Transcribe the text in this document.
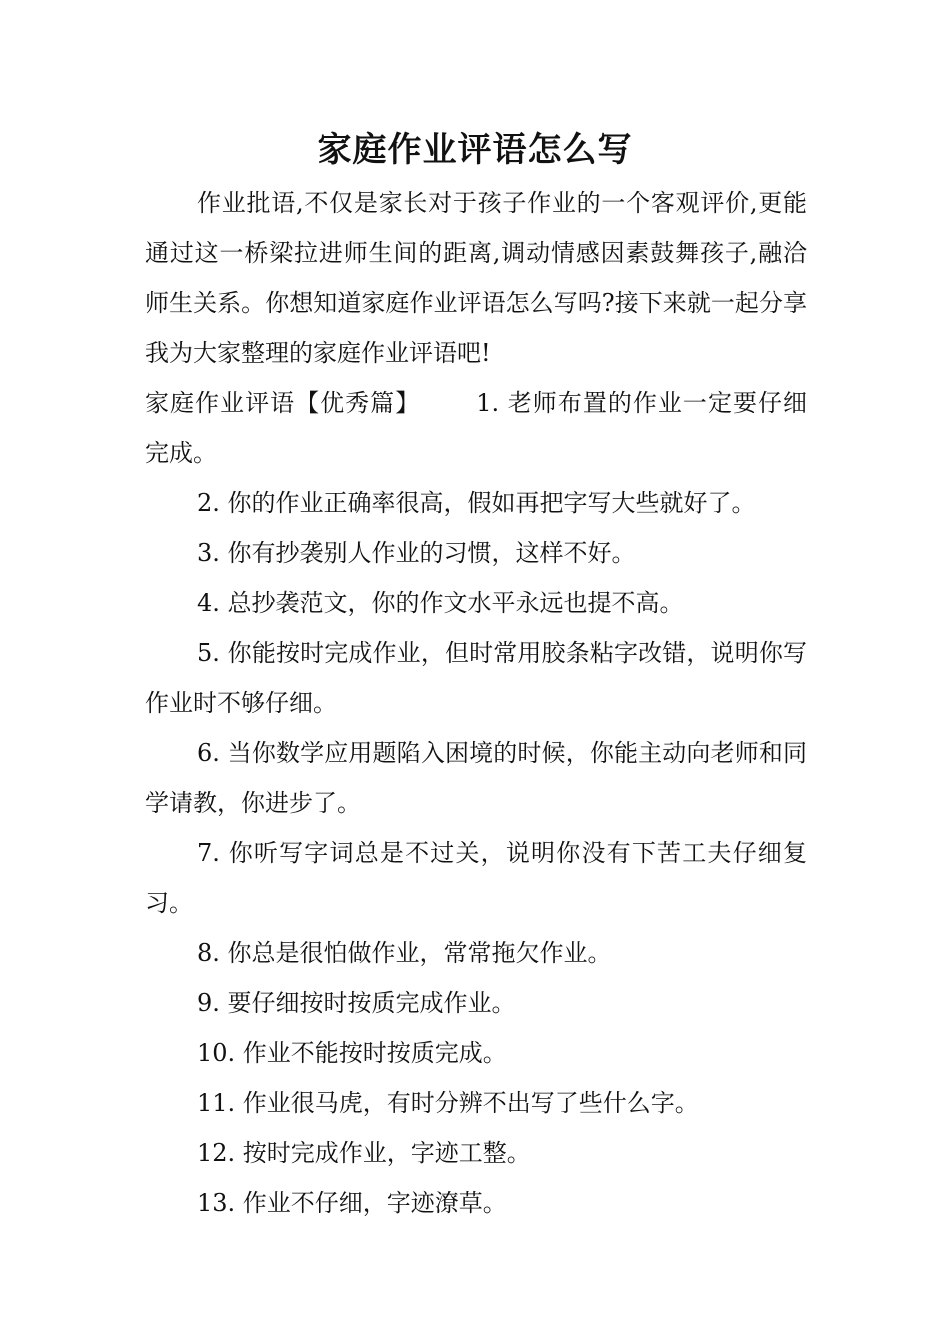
家庭作业评语怎么写

作业批语,不仅是家长对于孩子作业的一个客观评价,更能通过这一桥梁拉进师生间的距离,调动情感因素鼓舞孩子,融洽师生关系。你想知道家庭作业评语怎么写吗?接下来就一起分享我为大家整理的家庭作业评语吧!

家庭作业评语【优秀篇】 1. 老师布置的作业一定要仔细完成。

2. 你的作业正确率很高，假如再把字写大些就好了。

3. 你有抄袭别人作业的习惯，这样不好。

4. 总抄袭范文，你的作文水平永远也提不高。

5. 你能按时完成作业，但时常用胶条粘字改错，说明你写作业时不够仔细。

6. 当你数学应用题陷入困境的时候，你能主动向老师和同学请教，你进步了。

7. 你听写字词总是不过关，说明你没有下苦工夫仔细复习。

8. 你总是很怕做作业，常常拖欠作业。

9. 要仔细按时按质完成作业。

10. 作业不能按时按质完成。

11. 作业很马虎，有时分辨不出写了些什么字。

12. 按时完成作业，字迹工整。

13. 作业不仔细，字迹潦草。
